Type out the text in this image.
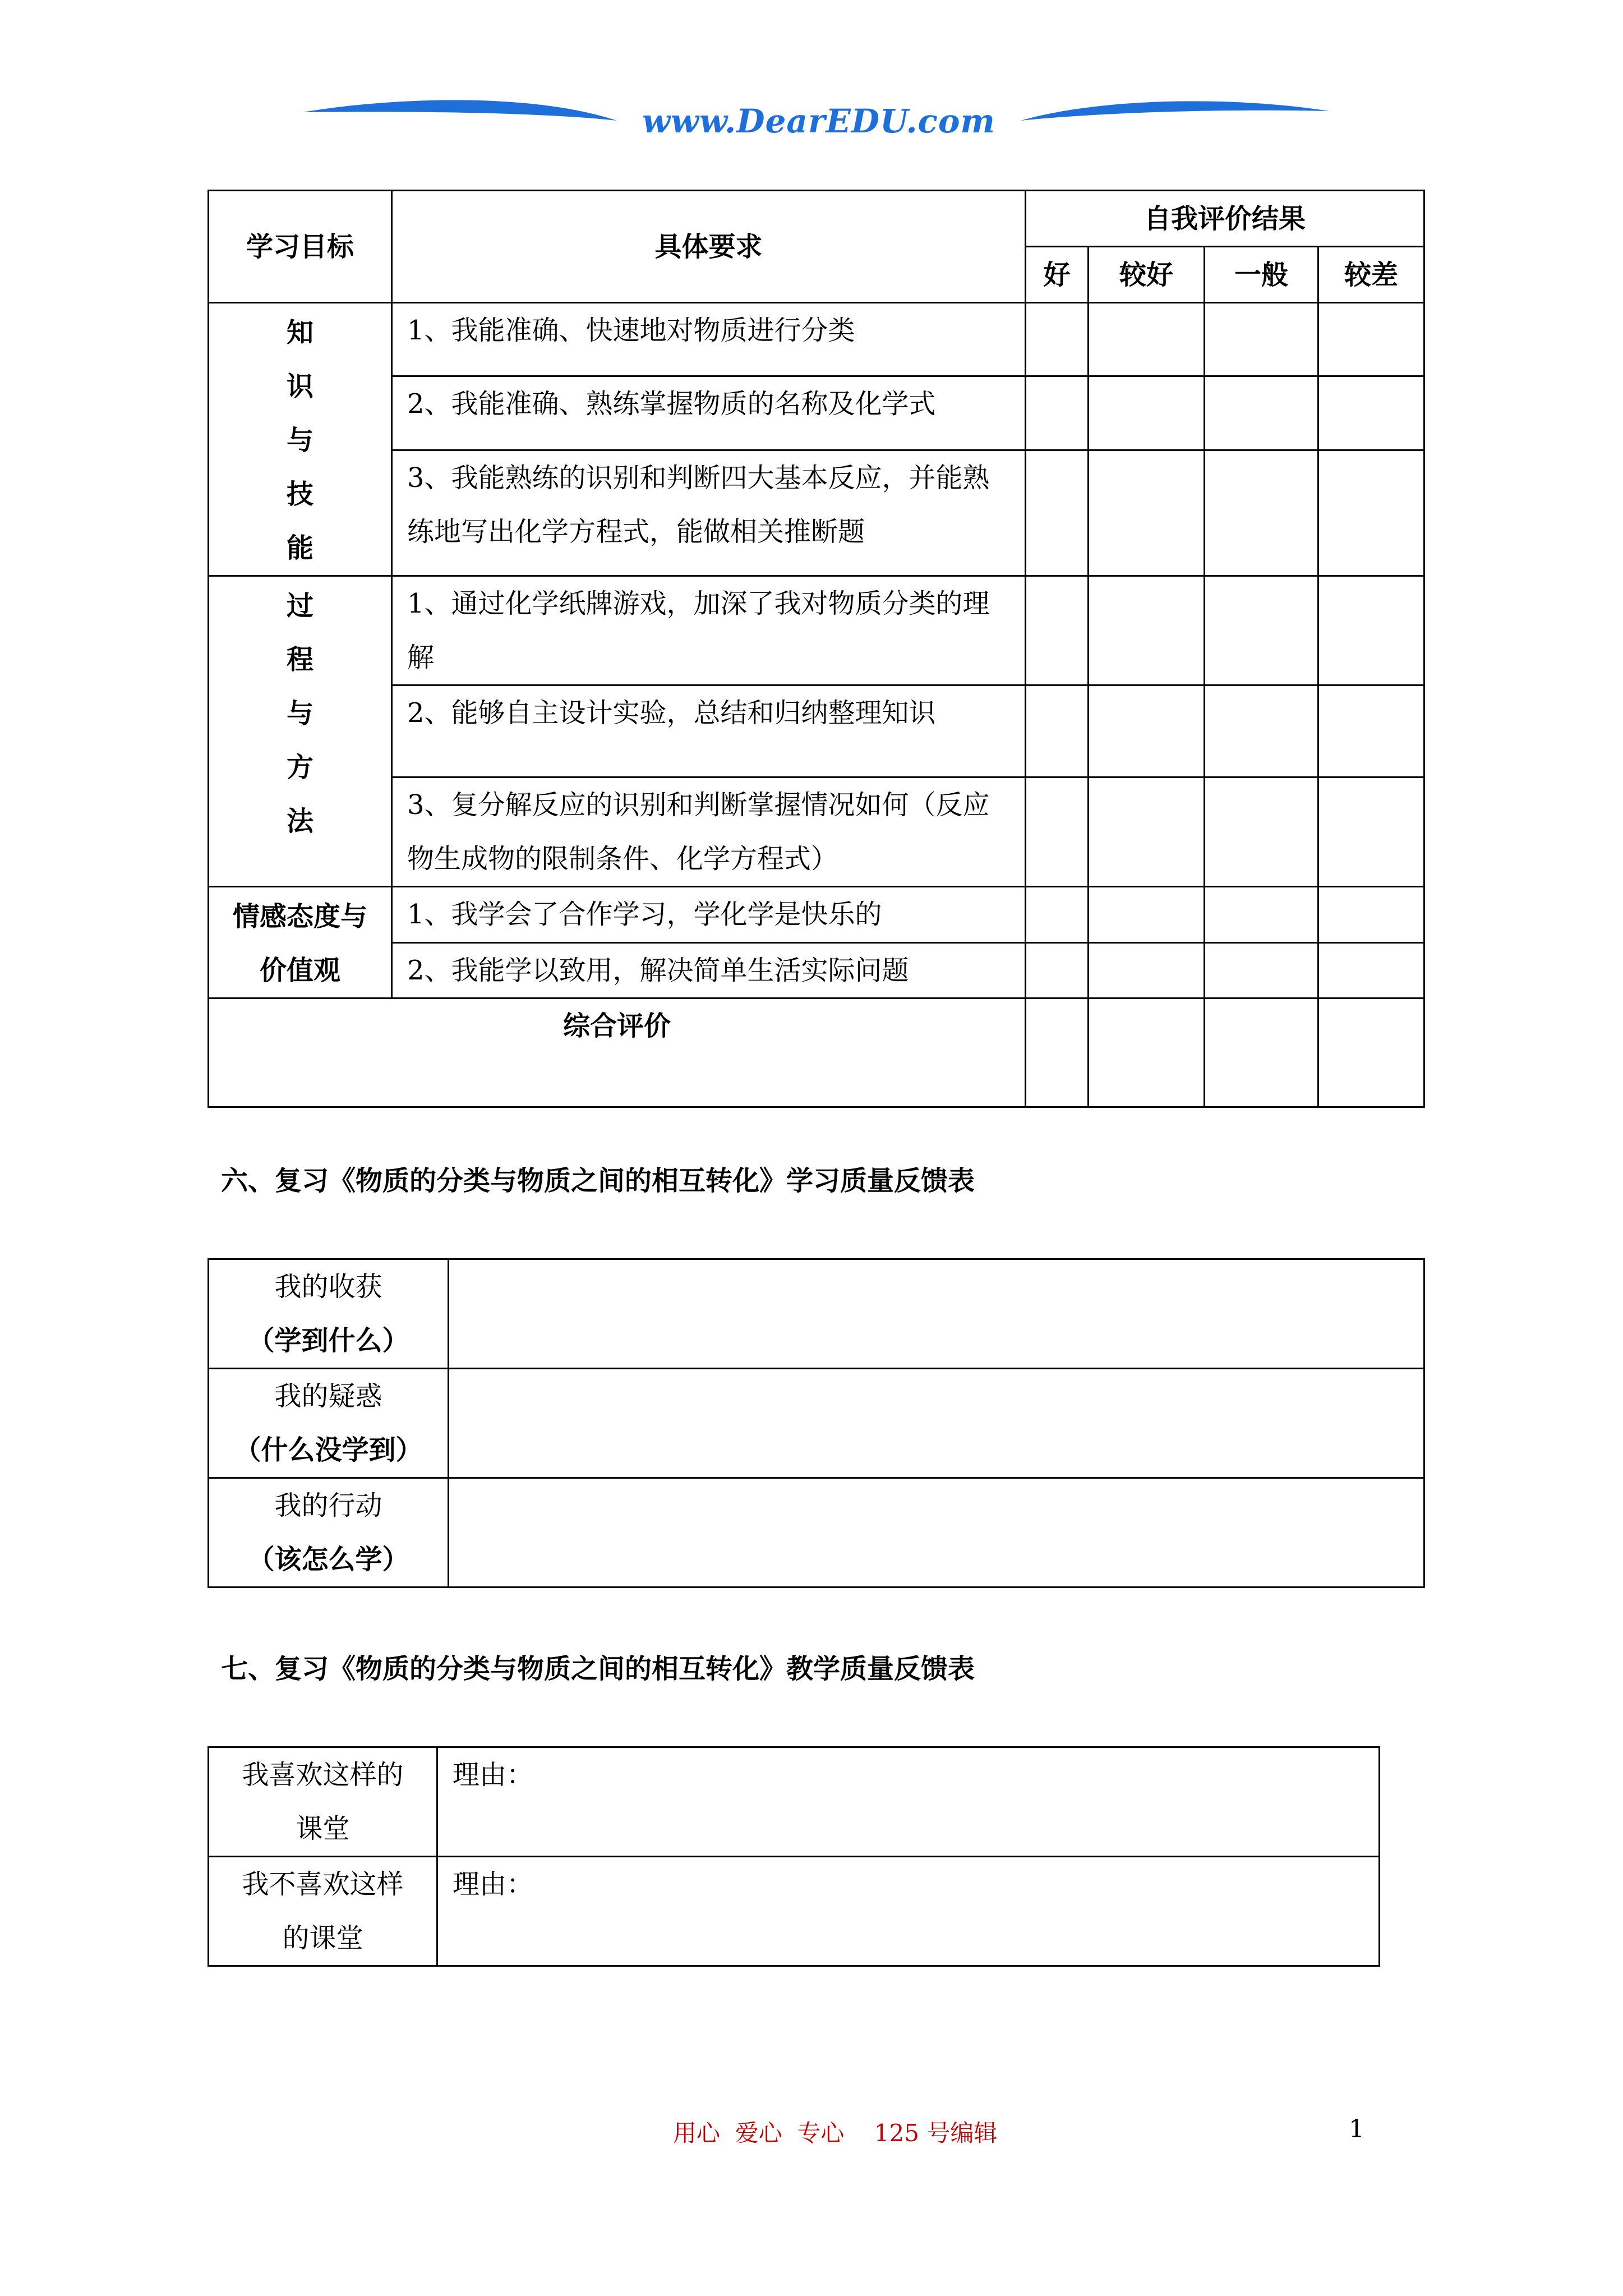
www.DearEDU.com
学习目标	具体要求	自我评价结果			
		好	较好	一般	较差

知
识
与
技
能	1、我能准确、快速地对物质进行分类				
	2、我能准确、熟练掌握物质的名称及化学式				
	3、我能熟练的识别和判断四大基本反应，并能熟练地写出化学方程式，能做相关推断题				

过
程
与
方
法	1、通过化学纸牌游戏，加深了我对物质分类的理解				
	2、能够自主设计实验，总结和归纳整理知识				
	3、复分解反应的识别和判断掌握情况如何（反应物生成物的限制条件、化学方程式）				

情感态度与
价值观	1、我学会了合作学习，学化学是快乐的				
	2、我能学以致用，解决简单生活实际问题				
综合评价					
六、复习《物质的分类与物质之间的相互转化》学习质量反馈表
我的收获
（学到什么）	

我的疑惑
（什么没学到）	

我的行动
（该怎么学）	

七、复习《物质的分类与物质之间的相互转化》教学质量反馈表
我喜欢这样的
课堂	理由：

我不喜欢这样
的课堂	理由：
用心  爱心  专心    125 号编辑	1
